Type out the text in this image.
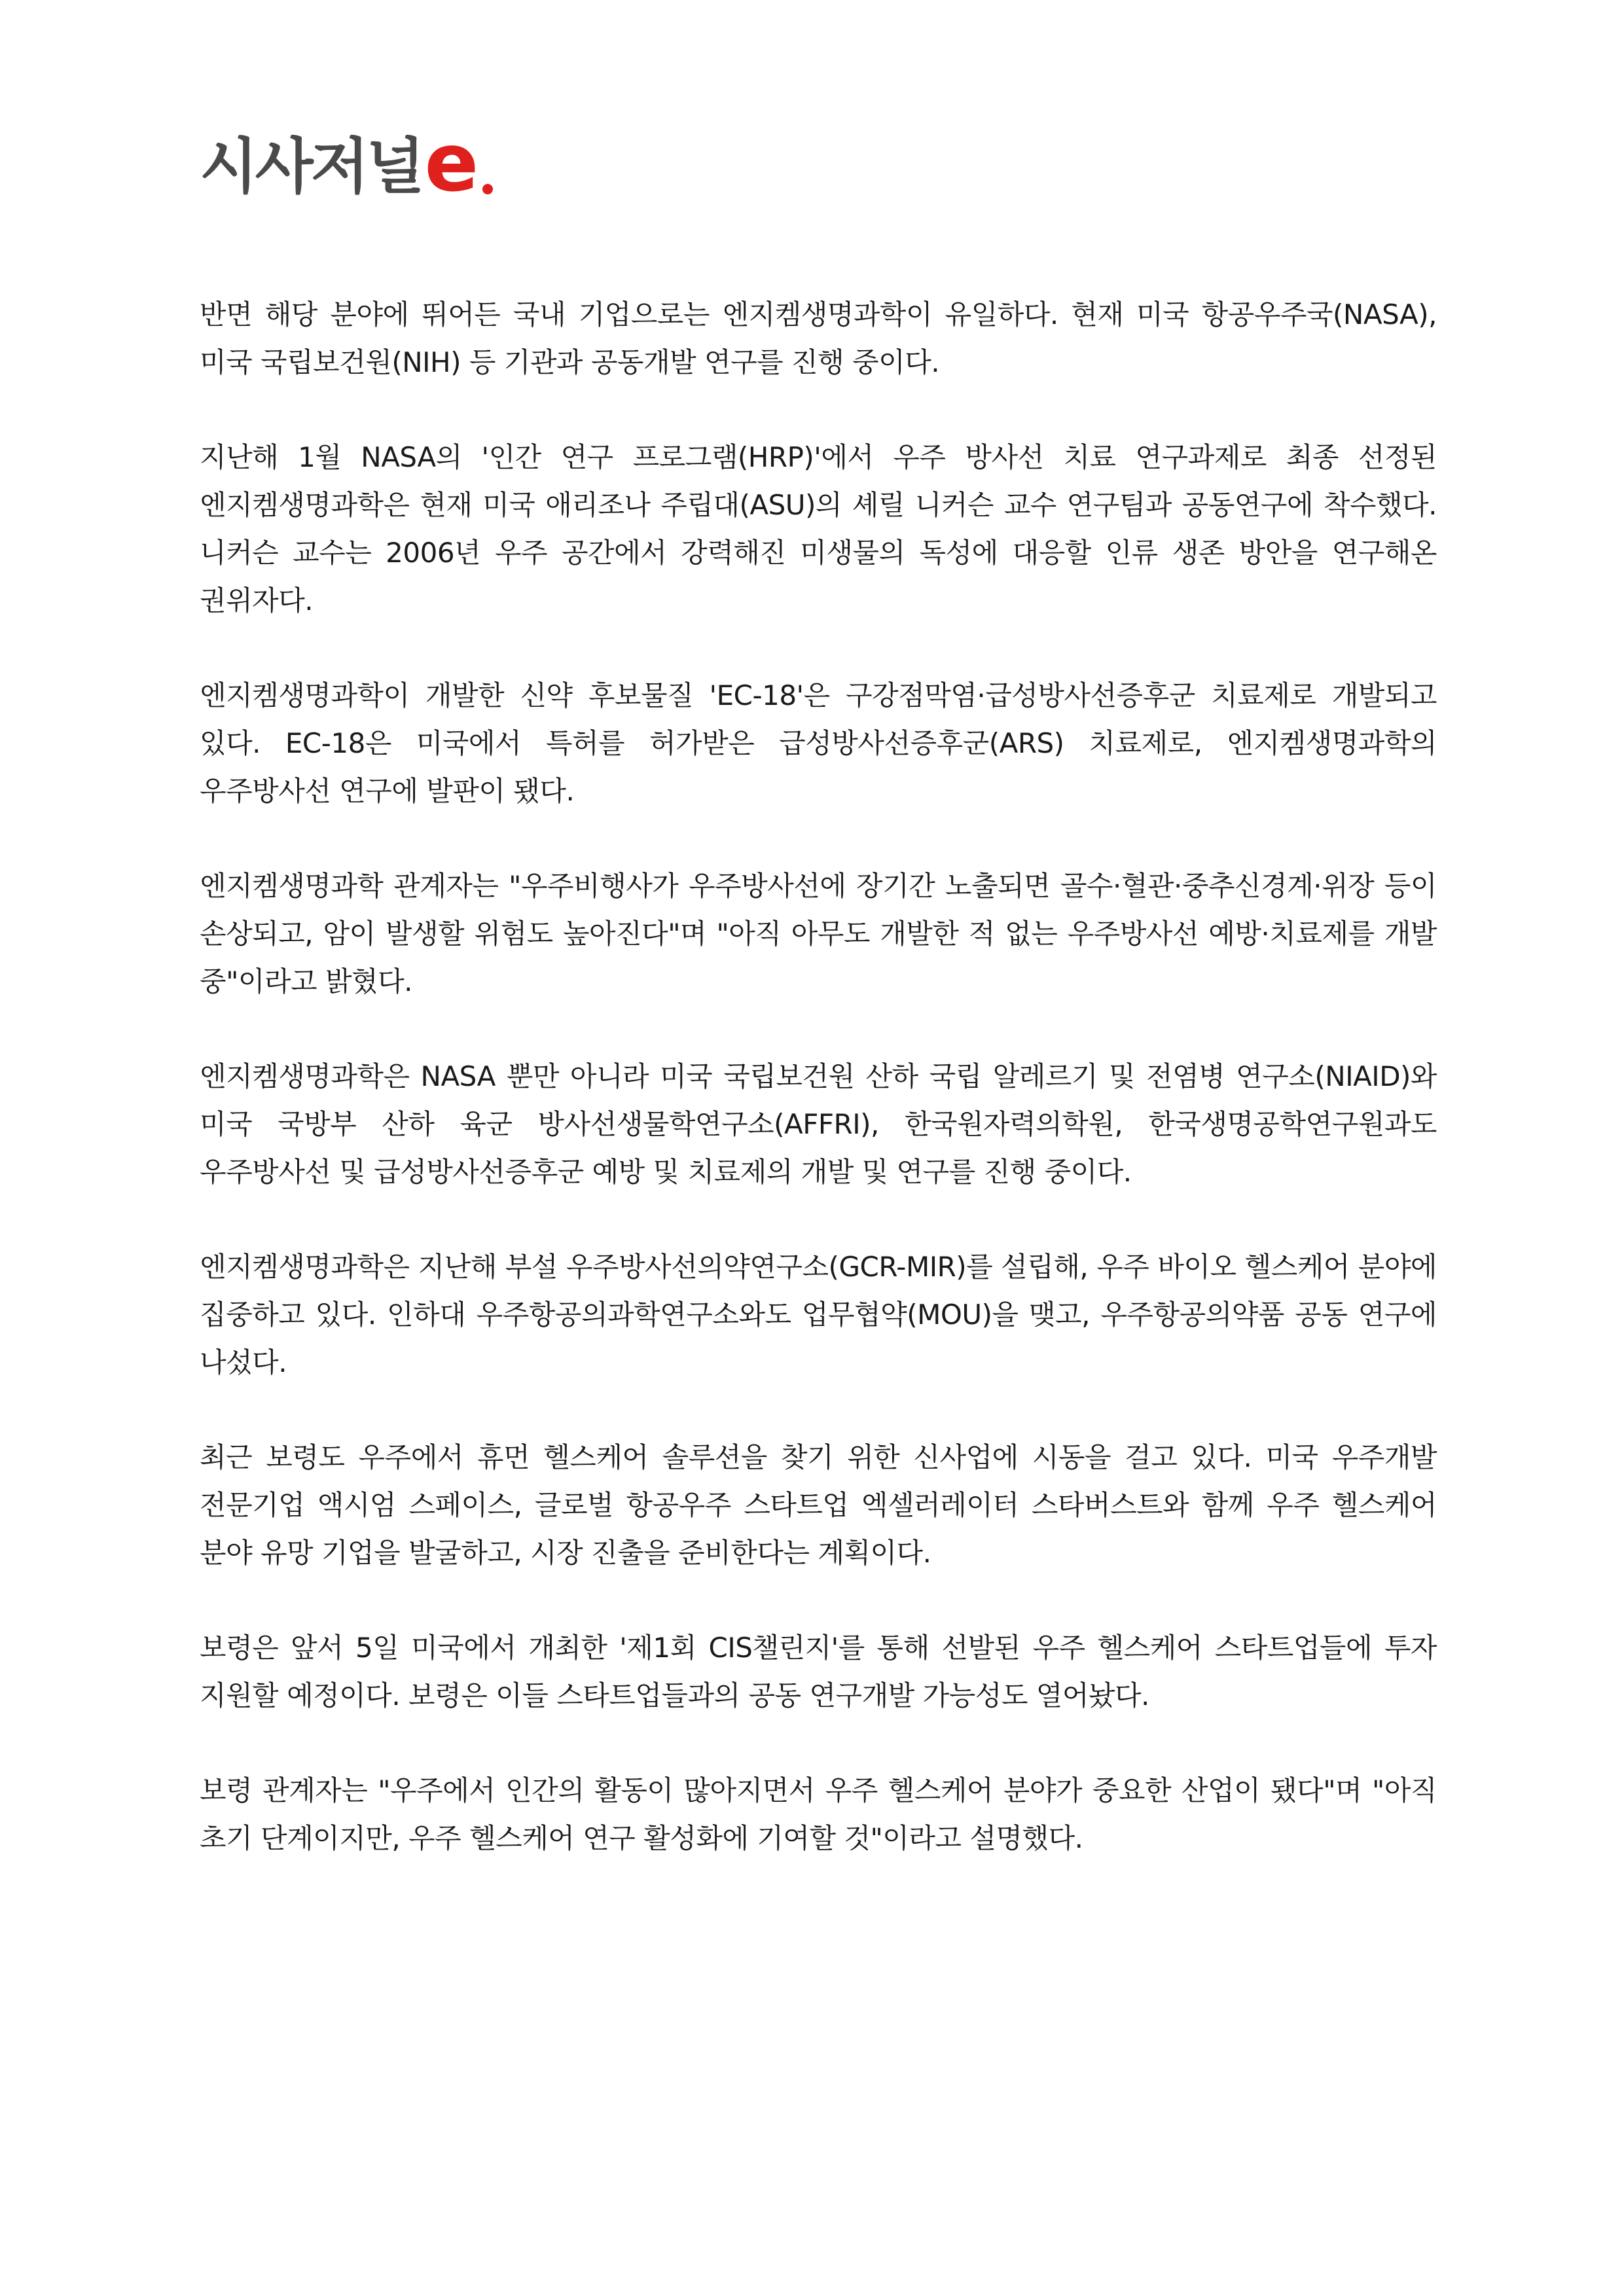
시사저널 e

반면 해당 분야에 뛰어든 국내 기업으로는 엔지켐생명과학이 유일하다. 현재 미국 항공우주국(NASA), 미국 국립보건원(NIH) 등 기관과 공동개발 연구를 진행 중이다.

지난해 1월 NASA의 '인간 연구 프로그램(HRP)'에서 우주 방사선 치료 연구과제로 최종 선정된 엔지켐생명과학은 현재 미국 애리조나 주립대(ASU)의 셰릴 니커슨 교수 연구팀과 공동연구에 착수했다. 니커슨 교수는 2006년 우주 공간에서 강력해진 미생물의 독성에 대응할 인류 생존 방안을 연구해온 권위자다.

엔지켐생명과학이 개발한 신약 후보물질 'EC-18'은 구강점막염·급성방사선증후군 치료제로 개발되고 있다. EC-18은 미국에서 특허를 허가받은 급성방사선증후군(ARS) 치료제로, 엔지켐생명과학의 우주방사선 연구에 발판이 됐다.

엔지켐생명과학 관계자는 "우주비행사가 우주방사선에 장기간 노출되면 골수·혈관·중추신경계·위장 등이 손상되고, 암이 발생할 위험도 높아진다"며 "아직 아무도 개발한 적 없는 우주방사선 예방·치료제를 개발 중"이라고 밝혔다.

엔지켐생명과학은 NASA 뿐만 아니라 미국 국립보건원 산하 국립 알레르기 및 전염병 연구소(NIAID)와 미국 국방부 산하 육군 방사선생물학연구소(AFFRI), 한국원자력의학원, 한국생명공학연구원과도 우주방사선 및 급성방사선증후군 예방 및 치료제의 개발 및 연구를 진행 중이다.

엔지켐생명과학은 지난해 부설 우주방사선의약연구소(GCR-MIR)를 설립해, 우주 바이오 헬스케어 분야에 집중하고 있다. 인하대 우주항공의과학연구소와도 업무협약(MOU)을 맺고, 우주항공의약품 공동 연구에 나섰다.

최근 보령도 우주에서 휴먼 헬스케어 솔루션을 찾기 위한 신사업에 시동을 걸고 있다. 미국 우주개발 전문기업 액시엄 스페이스, 글로벌 항공우주 스타트업 엑셀러레이터 스타버스트와 함께 우주 헬스케어 분야 유망 기업을 발굴하고, 시장 진출을 준비한다는 계획이다.

보령은 앞서 5일 미국에서 개최한 '제1회 CIS챌린지'를 통해 선발된 우주 헬스케어 스타트업들에 투자 지원할 예정이다. 보령은 이들 스타트업들과의 공동 연구개발 가능성도 열어놨다.

보령 관계자는 "우주에서 인간의 활동이 많아지면서 우주 헬스케어 분야가 중요한 산업이 됐다"며 "아직 초기 단계이지만, 우주 헬스케어 연구 활성화에 기여할 것"이라고 설명했다.
